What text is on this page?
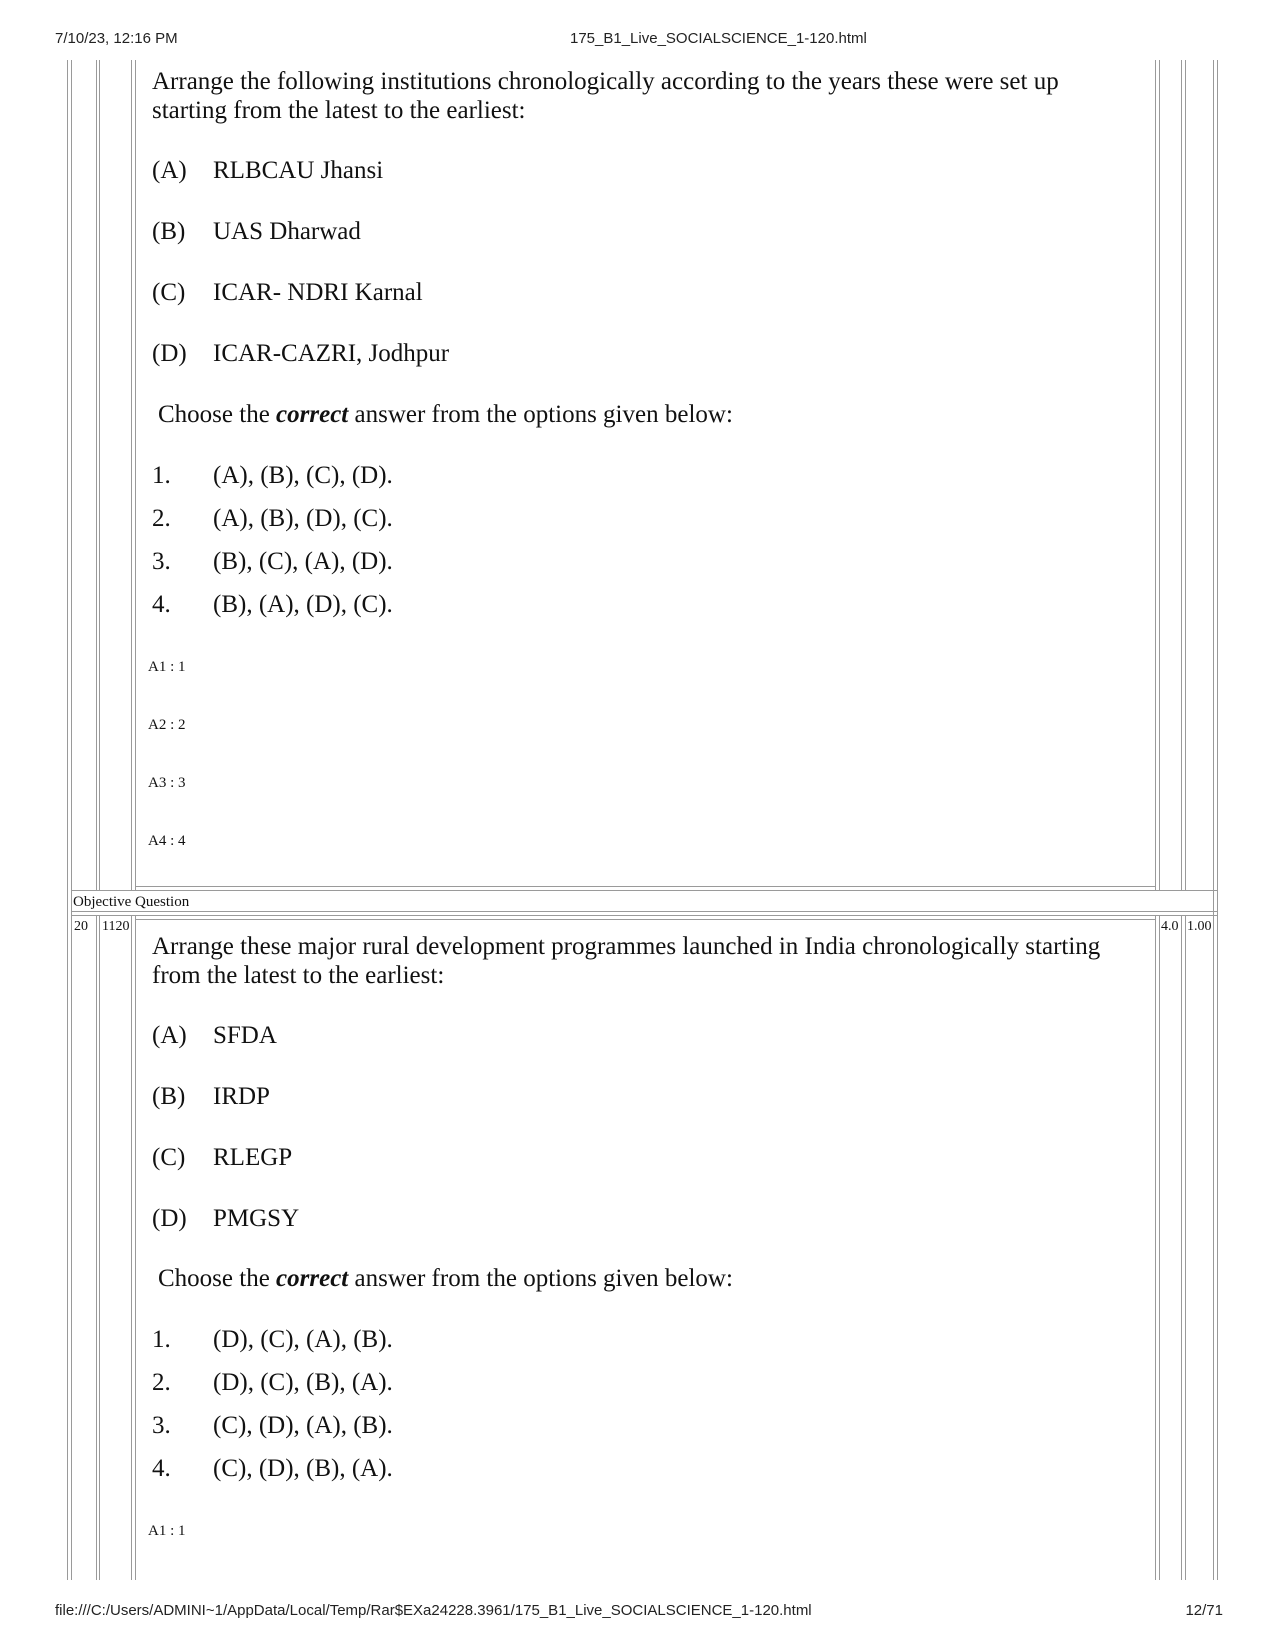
7/10/23, 12:16 PM	175_B1_Live_SOCIALSCIENCE_1-120.html
Arrange the following institutions chronologically according to the years these were set up starting from the latest to the earliest:
(A) RLBCAU Jhansi
(B) UAS Dharwad
(C) ICAR- NDRI Karnal
(D) ICAR-CAZRI, Jodhpur
Choose the correct answer from the options given below:
1. (A), (B), (C), (D).
2. (A), (B), (D), (C).
3. (B), (C), (A), (D).
4. (B), (A), (D), (C).
A1 : 1
A2 : 2
A3 : 3
A4 : 4
Objective Question
20 1120	4.0 1.00
Arrange these major rural development programmes launched in India chronologically starting from the latest to the earliest:
(A) SFDA
(B) IRDP
(C) RLEGP
(D) PMGSY
Choose the correct answer from the options given below:
1. (D), (C), (A), (B).
2. (D), (C), (B), (A).
3. (C), (D), (A), (B).
4. (C), (D), (B), (A).
A1 : 1
file:///C:/Users/ADMINI~1/AppData/Local/Temp/Rar$EXa24228.3961/175_B1_Live_SOCIALSCIENCE_1-120.html	12/71
